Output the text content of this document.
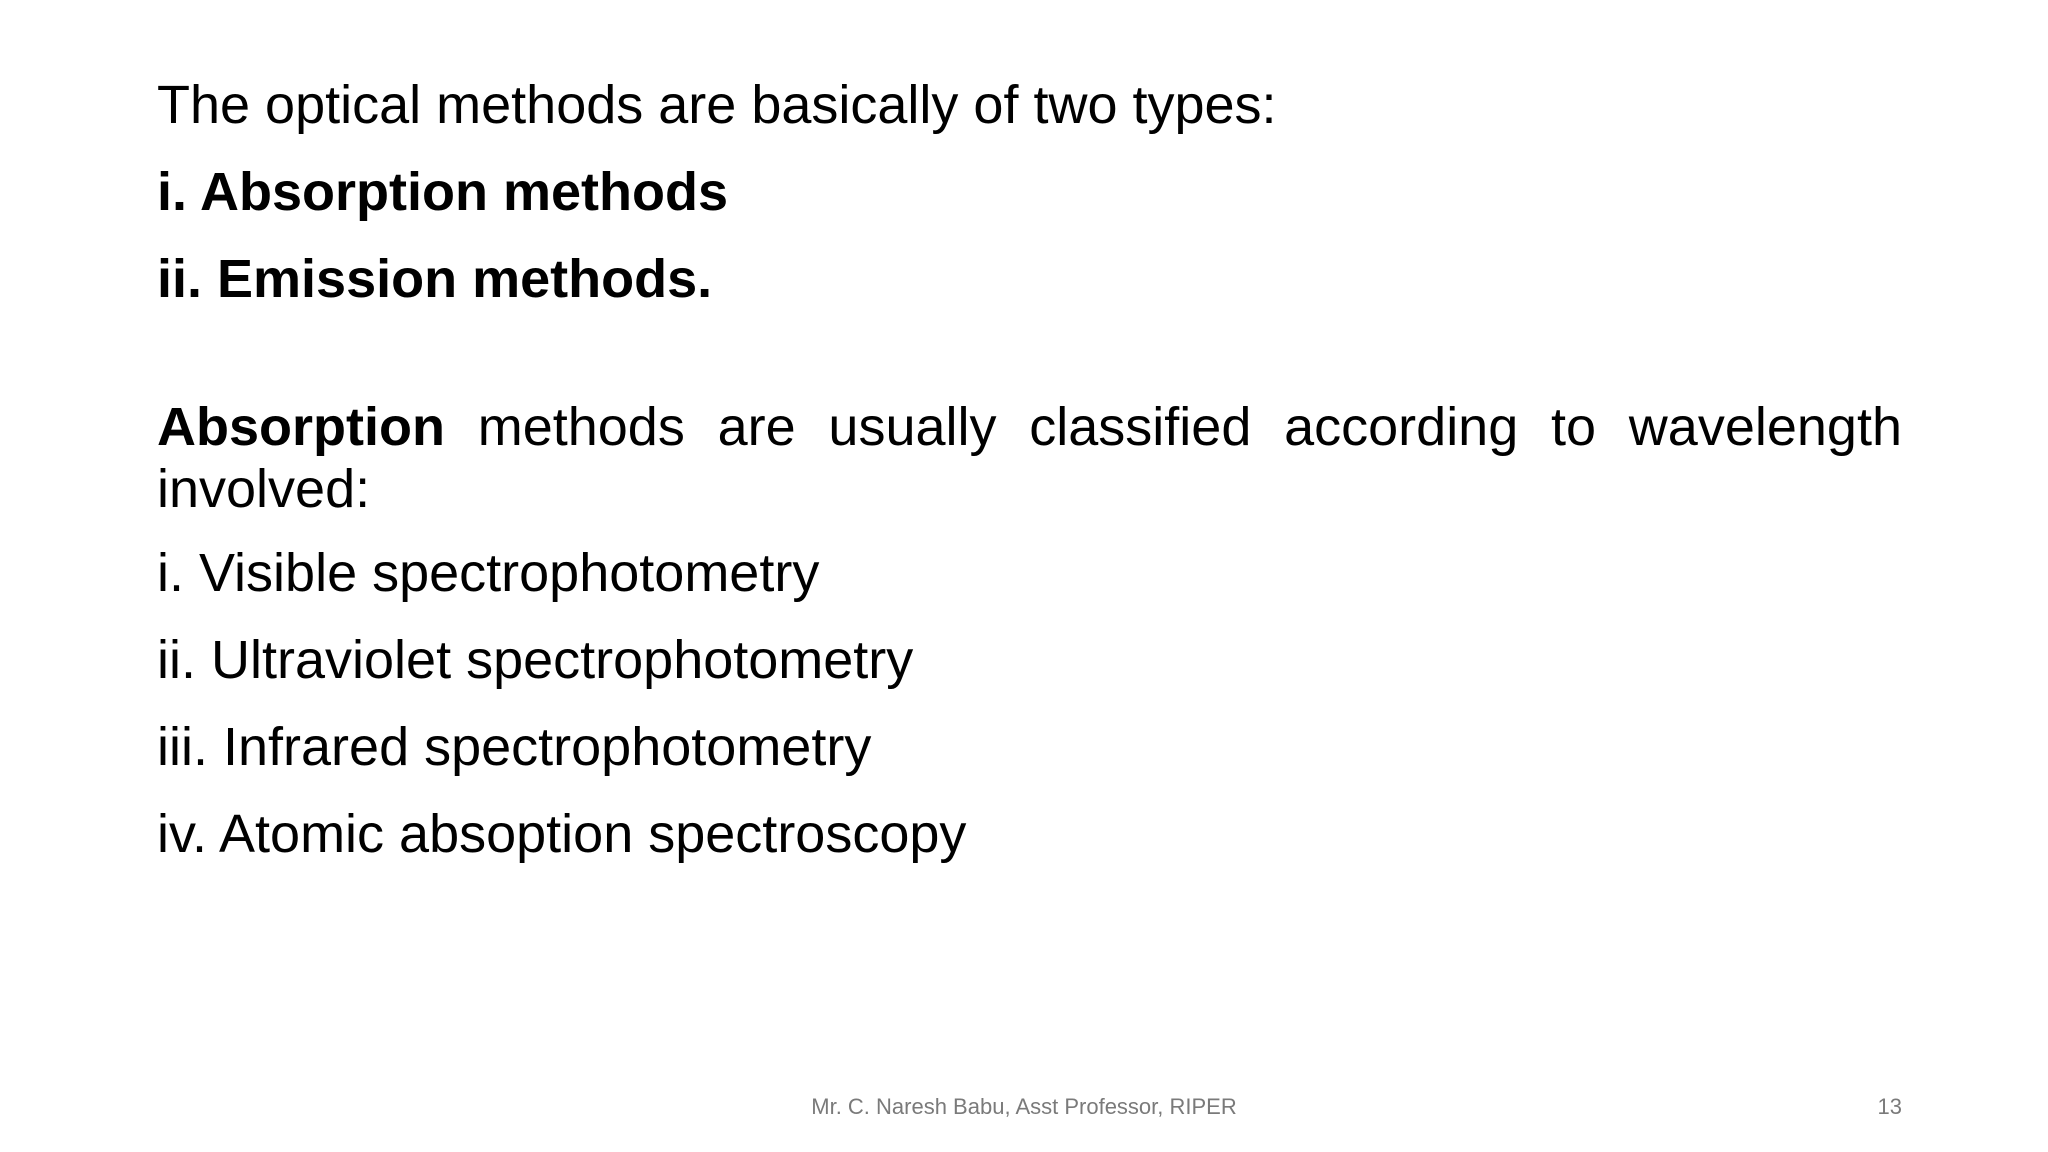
The optical methods are basically of two types:
i. Absorption methods
ii. Emission methods.
Absorption methods are usually classified according to wavelength involved:
i. Visible spectrophotometry
ii. Ultraviolet spectrophotometry
iii. Infrared spectrophotometry
iv. Atomic absoption spectroscopy
Mr. C. Naresh Babu, Asst Professor, RIPER	13
